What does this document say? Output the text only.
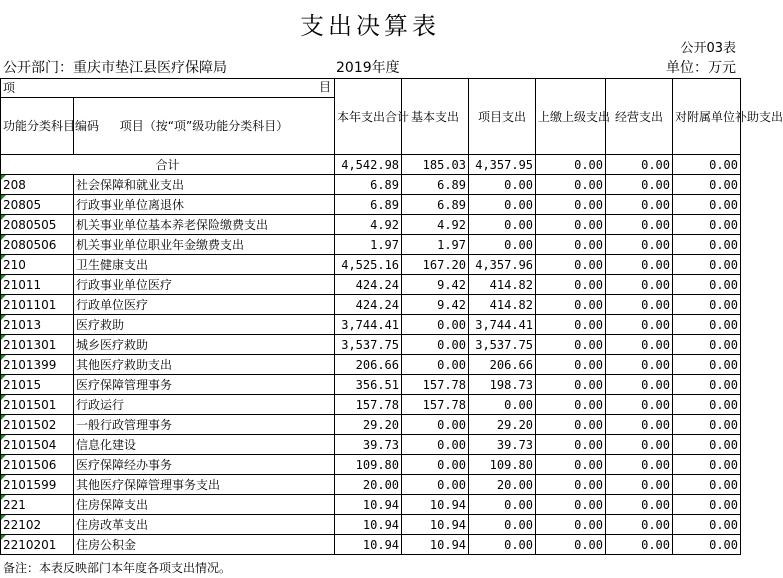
支出决算表
公开03表
公开部门：重庆市垫江县医疗保障局	2019年度	单位：万元
项 目		本年支出合计	基本支出	项目支出	上缴上级支出	经营支出	对附属单位补助支出
功能分类科目编码	项目（按“项”级功能分类科目）						
合计		4,542.98	185.03	4,357.95	0.00	0.00	0.00
208	社会保障和就业支出	6.89	6.89	0.00	0.00	0.00	0.00
20805	行政事业单位离退休	6.89	6.89	0.00	0.00	0.00	0.00
2080505	机关事业单位基本养老保险缴费支出	4.92	4.92	0.00	0.00	0.00	0.00
2080506	机关事业单位职业年金缴费支出	1.97	1.97	0.00	0.00	0.00	0.00
210	卫生健康支出	4,525.16	167.20	4,357.96	0.00	0.00	0.00
21011	行政事业单位医疗	424.24	9.42	414.82	0.00	0.00	0.00
2101101	行政单位医疗	424.24	9.42	414.82	0.00	0.00	0.00
21013	医疗救助	3,744.41	0.00	3,744.41	0.00	0.00	0.00
2101301	城乡医疗救助	3,537.75	0.00	3,537.75	0.00	0.00	0.00
2101399	其他医疗救助支出	206.66	0.00	206.66	0.00	0.00	0.00
21015	医疗保障管理事务	356.51	157.78	198.73	0.00	0.00	0.00
2101501	行政运行	157.78	157.78	0.00	0.00	0.00	0.00
2101502	一般行政管理事务	29.20	0.00	29.20	0.00	0.00	0.00
2101504	信息化建设	39.73	0.00	39.73	0.00	0.00	0.00
2101506	医疗保障经办事务	109.80	0.00	109.80	0.00	0.00	0.00
2101599	其他医疗保障管理事务支出	20.00	0.00	20.00	0.00	0.00	0.00
221	住房保障支出	10.94	10.94	0.00	0.00	0.00	0.00
22102	住房改革支出	10.94	10.94	0.00	0.00	0.00	0.00
2210201	住房公积金	10.94	10.94	0.00	0.00	0.00	0.00
备注：本表反映部门本年度各项支出情况。
